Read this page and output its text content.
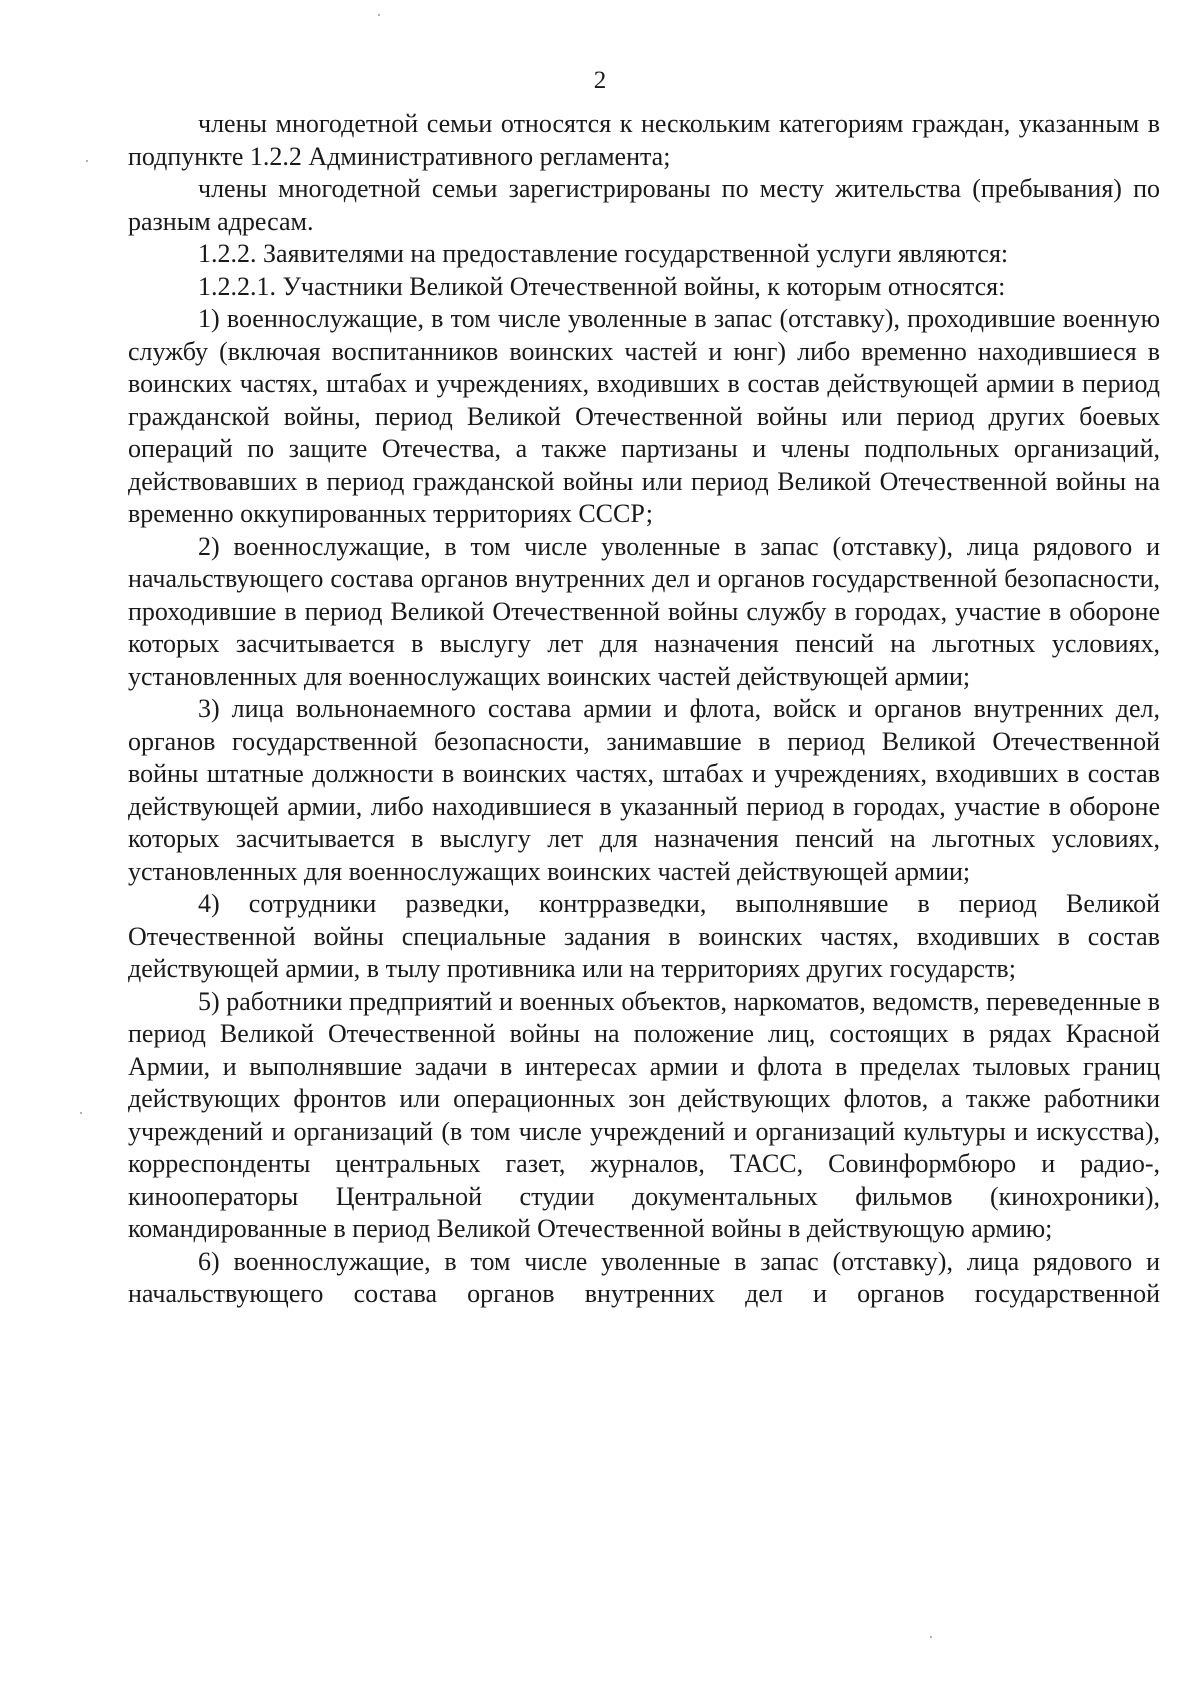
2

члены многодетной семьи относятся к нескольким категориям граждан, указанным в подпункте 1.2.2 Административного регламента;

члены многодетной семьи зарегистрированы по месту жительства (пребывания) по разным адресам.

1.2.2. Заявителями на предоставление государственной услуги являются:

1.2.2.1. Участники Великой Отечественной войны, к которым относятся:

1) военнослужащие, в том числе уволенные в запас (отставку), проходившие военную службу (включая воспитанников воинских частей и юнг) либо временно находившиеся в воинских частях, штабах и учреждениях, входивших в состав действующей армии в период гражданской войны, период Великой Отечественной войны или период других боевых операций по защите Отечества, а также партизаны и члены подпольных организаций, действовавших в период гражданской войны или период Великой Отечественной войны на временно оккупированных территориях СССР;

2) военнослужащие, в том числе уволенные в запас (отставку), лица рядового и начальствующего состава органов внутренних дел и органов государственной безопасности, проходившие в период Великой Отечественной войны службу в городах, участие в обороне которых засчитывается в выслугу лет для назначения пенсий на льготных условиях, установленных для военнослужащих воинских частей действующей армии;

3) лица вольнонаемного состава армии и флота, войск и органов внутренних дел, органов государственной безопасности, занимавшие в период Великой Отечественной войны штатные должности в воинских частях, штабах и учреждениях, входивших в состав действующей армии, либо находившиеся в указанный период в городах, участие в обороне которых засчитывается в выслугу лет для назначения пенсий на льготных условиях, установленных для военнослужащих воинских частей действующей армии;

4) сотрудники разведки, контрразведки, выполнявшие в период Великой Отечественной войны специальные задания в воинских частях, входивших в состав действующей армии, в тылу противника или на территориях других государств;

5) работники предприятий и военных объектов, наркоматов, ведомств, переведенные в период Великой Отечественной войны на положение лиц, состоящих в рядах Красной Армии, и выполнявшие задачи в интересах армии и флота в пределах тыловых границ действующих фронтов или операционных зон действующих флотов, а также работники учреждений и организаций (в том числе учреждений и организаций культуры и искусства), корреспонденты центральных газет, журналов, ТАСС, Совинформбюро и радио-, кинооператоры Центральной студии документальных фильмов (кинохроники), командированные в период Великой Отечественной войны в действующую армию;

6) военнослужащие, в том числе уволенные в запас (отставку), лица рядового и начальствующего состава органов внутренних дел и органов государственной
